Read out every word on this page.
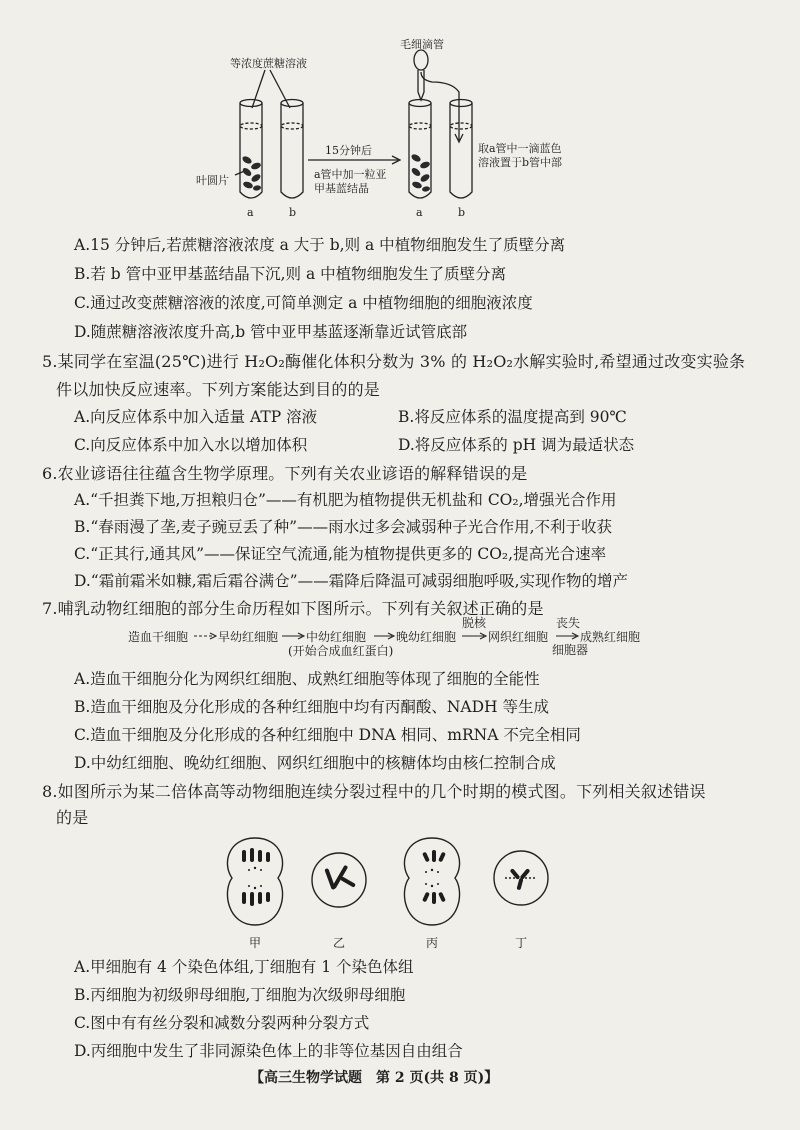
等浓度蔗糖溶液
毛细滴管
叶圆片
15分钟后
a管中加一粒亚
甲基蓝结晶
取a管中一滴蓝色
溶液置于b管中部
a	b	a	b
A.15 分钟后,若蔗糖溶液浓度 a 大于 b,则 a 中植物细胞发生了质壁分离
B.若 b 管中亚甲基蓝结晶下沉,则 a 中植物细胞发生了质壁分离
C.通过改变蔗糖溶液的浓度,可简单测定 a 中植物细胞的细胞液浓度
D.随蔗糖溶液浓度升高,b 管中亚甲基蓝逐渐靠近试管底部
5.某同学在室温(25℃)进行 H₂O₂酶催化体积分数为 3% 的 H₂O₂水解实验时,希望通过改变实验条
件以加快反应速率。下列方案能达到目的的是
A.向反应体系中加入适量 ATP 溶液	B.将反应体系的温度提高到 90℃
C.向反应体系中加入水以增加体积	D.将反应体系的 pH 调为最适状态
6.农业谚语往往蕴含生物学原理。下列有关农业谚语的解释错误的是
A.“千担粪下地,万担粮归仓”——有机肥为植物提供无机盐和 CO₂,增强光合作用
B.“春雨漫了垄,麦子豌豆丢了种”——雨水过多会减弱种子光合作用,不利于收获
C.“正其行,通其风”——保证空气流通,能为植物提供更多的 CO₂,提高光合速率
D.“霜前霜米如糠,霜后霜谷满仓”——霜降后降温可减弱细胞呼吸,实现作物的增产
7.哺乳动物红细胞的部分生命历程如下图所示。下列有关叙述正确的是
造血干细胞 早幼红细胞 中幼红细胞 晚幼红细胞	网织红细胞	成熟红细胞
脱核	丧失
细胞器
(开始合成血红蛋白)
A.造血干细胞分化为网织红细胞、成熟红细胞等体现了细胞的全能性
B.造血干细胞及分化形成的各种红细胞中均有丙酮酸、NADH 等生成
C.造血干细胞及分化形成的各种红细胞中 DNA 相同、mRNA 不完全相同
D.中幼红细胞、晚幼红细胞、网织红细胞中的核糖体均由核仁控制合成
8.如图所示为某二倍体高等动物细胞连续分裂过程中的几个时期的模式图。下列相关叙述错误
的是
甲	乙	丙	丁
A.甲细胞有 4 个染色体组,丁细胞有 1 个染色体组
B.丙细胞为初级卵母细胞,丁细胞为次级卵母细胞
C.图中有有丝分裂和减数分裂两种分裂方式
D.丙细胞中发生了非同源染色体上的非等位基因自由组合
【高三生物学试题　第 2 页(共 8 页)】
